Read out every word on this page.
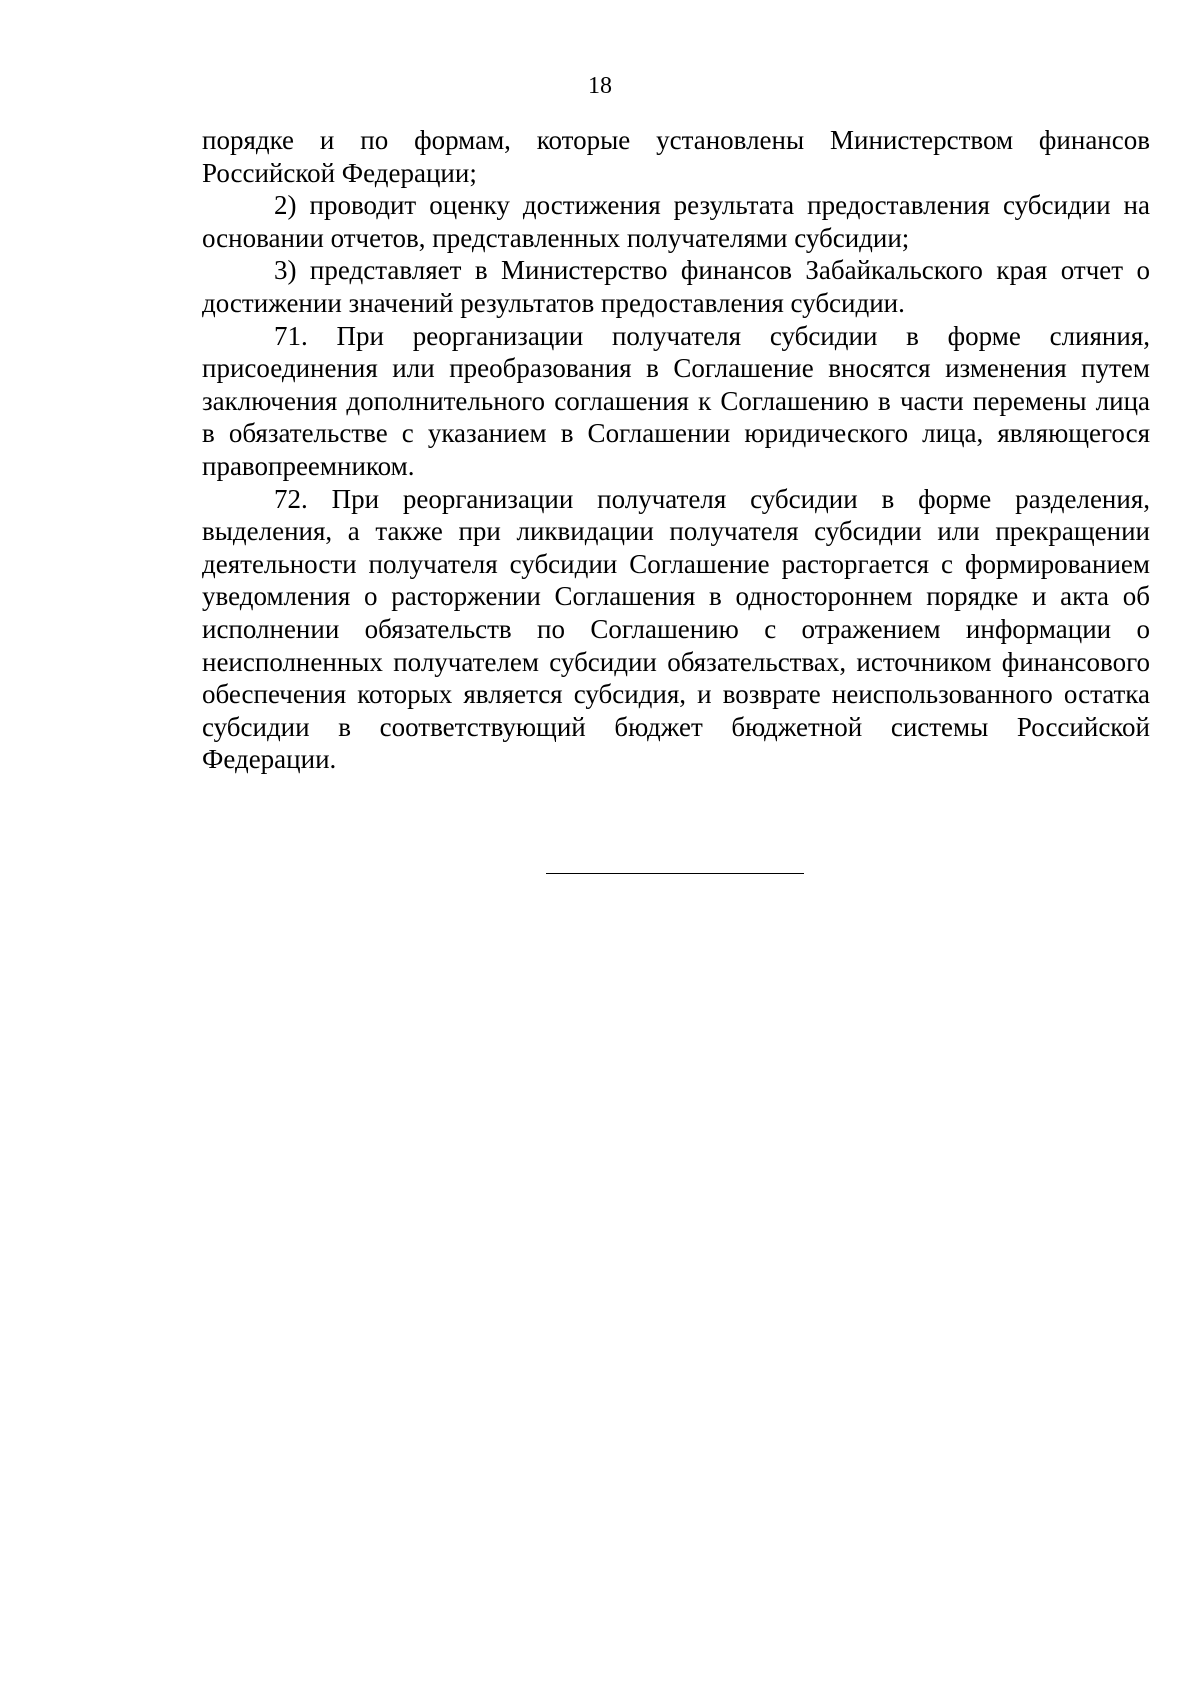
18

порядке и по формам, которые установлены Министерством финансов Российской Федерации;

2) проводит оценку достижения результата предоставления субсидии на основании отчетов, представленных получателями субсидии;

3) представляет в Министерство финансов Забайкальского края отчет о достижении значений результатов предоставления субсидии.

71. При реорганизации получателя субсидии в форме слияния, присоединения или преобразования в Соглашение вносятся изменения путем заключения дополнительного соглашения к Соглашению в части перемены лица в обязательстве с указанием в Соглашении юридического лица, являющегося правопреемником.

72. При реорганизации получателя субсидии в форме разделения, выделения, а также при ликвидации получателя субсидии или прекращении деятельности получателя субсидии Соглашение расторгается с формированием уведомления о расторжении Соглашения в одностороннем порядке и акта об исполнении обязательств по Соглашению с отражением информации о неисполненных получателем субсидии обязательствах, источником финансового обеспечения которых является субсидия, и возврате неиспользованного остатка субсидии в соответствующий бюджет бюджетной системы Российской Федерации.
